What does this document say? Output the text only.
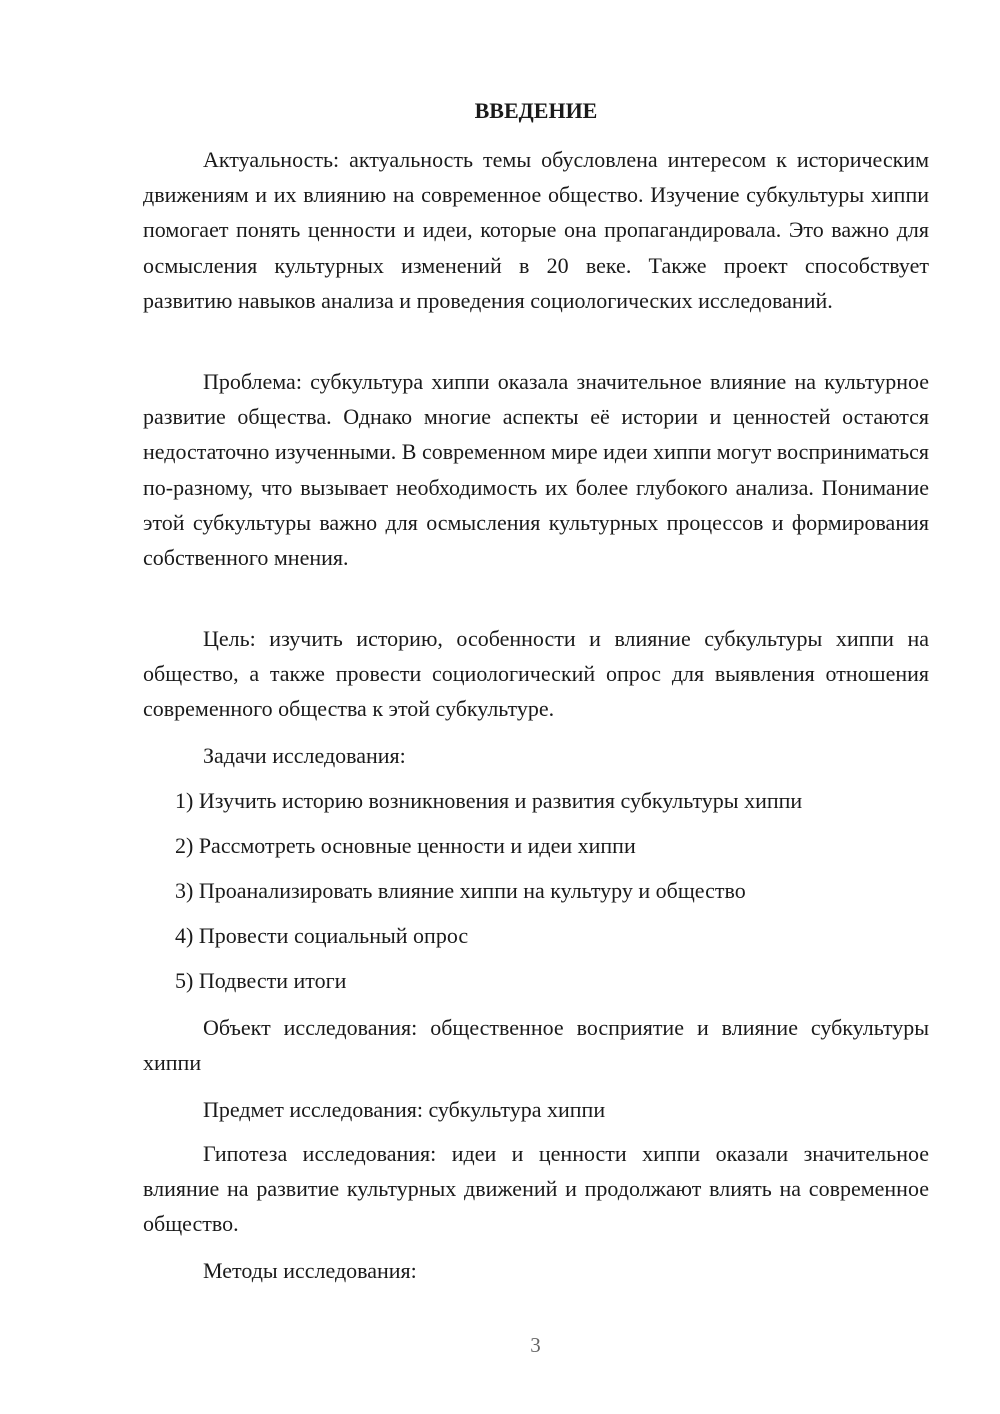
ВВЕДЕНИЕ

Актуальность: актуальность темы обусловлена интересом к историческим движениям и их влиянию на современное общество. Изучение субкультуры хиппи помогает понять ценности и идеи, которые она пропагандировала. Это важно для осмысления культурных изменений в 20 веке. Также проект способствует развитию навыков анализа и проведения социологических исследований.

Проблема: субкультура хиппи оказала значительное влияние на культурное развитие общества. Однако многие аспекты её истории и ценностей остаются недостаточно изученными. В современном мире идеи хиппи могут восприниматься по-разному, что вызывает необходимость их более глубокого анализа. Понимание этой субкультуры важно для осмысления культурных процессов и формирования собственного мнения.

Цель: изучить историю, особенности и влияние субкультуры хиппи на общество, а также провести социологический опрос для выявления отношения современного общества к этой субкультуре.

Задачи исследования:

1) Изучить историю возникновения и развития субкультуры хиппи

2) Рассмотреть основные ценности и идеи хиппи

3) Проанализировать влияние хиппи на культуру и общество

4) Провести социальный опрос

5) Подвести итоги

Объект исследования: общественное восприятие и влияние субкультуры хиппи

Предмет исследования: субкультура хиппи

Гипотеза исследования: идеи и ценности хиппи оказали значительное влияние на развитие культурных движений и продолжают влиять на современное общество.

Методы исследования:

3
